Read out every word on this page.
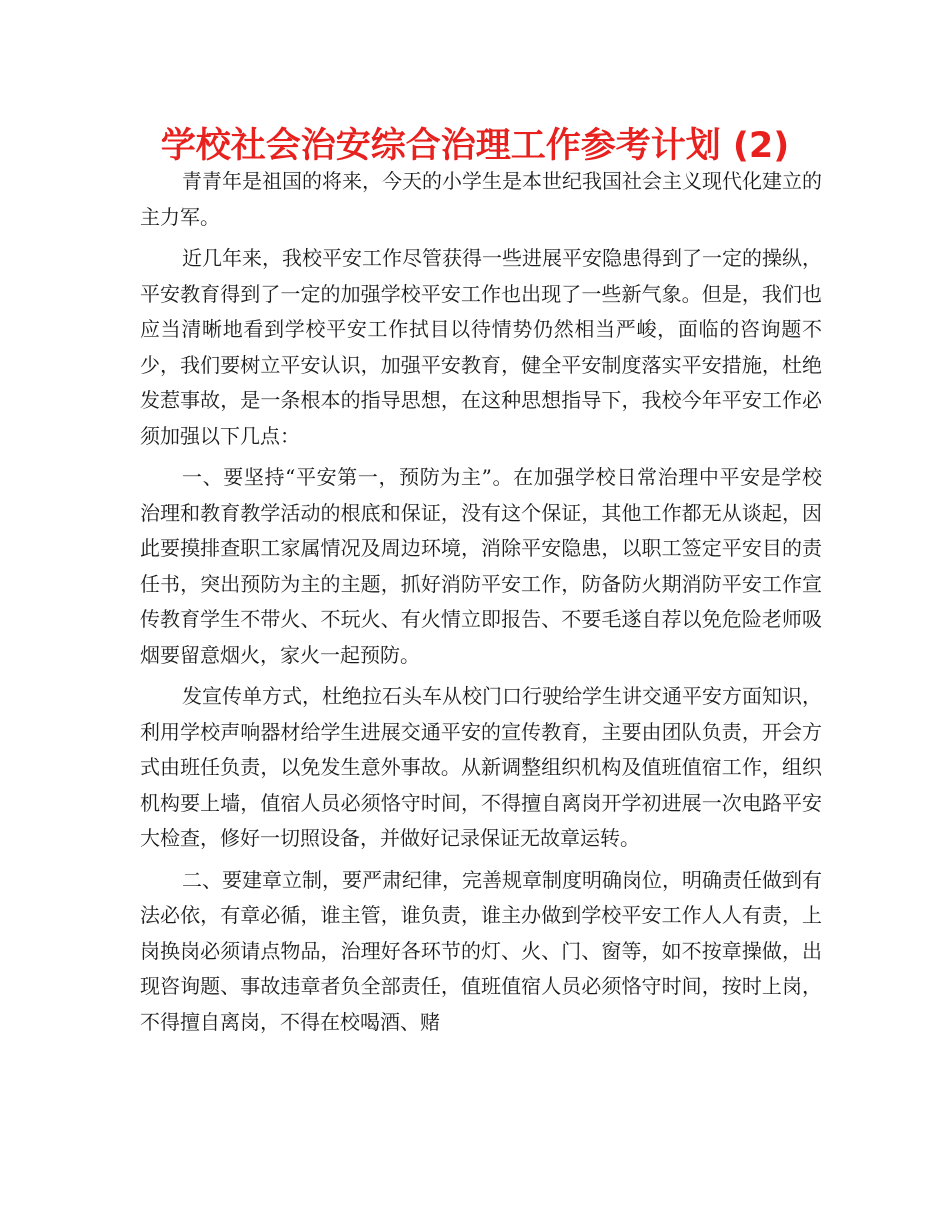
学校社会治安综合治理工作参考计划 (2)

青青年是祖国的将来，今天的小学生是本世纪我国社会主义现代化建立的主力军。

近几年来，我校平安工作尽管获得一些进展平安隐患得到了一定的操纵，平安教育得到了一定的加强学校平安工作也出现了一些新气象。但是，我们也应当清晰地看到学校平安工作拭目以待情势仍然相当严峻，面临的咨询题不少，我们要树立平安认识，加强平安教育，健全平安制度落实平安措施，杜绝发惹事故，是一条根本的指导思想，在这种思想指导下，我校今年平安工作必须加强以下几点：

一、要坚持“平安第一，预防为主”。在加强学校日常治理中平安是学校治理和教育教学活动的根底和保证，没有这个保证，其他工作都无从谈起，因此要摸排查职工家属情况及周边环境，消除平安隐患，以职工签定平安目的责任书，突出预防为主的主题，抓好消防平安工作，防备防火期消防平安工作宣传教育学生不带火、不玩火、有火情立即报告、不要毛遂自荐以免危险老师吸烟要留意烟火，家火一起预防。

发宣传单方式，杜绝拉石头车从校门口行驶给学生讲交通平安方面知识，利用学校声响器材给学生进展交通平安的宣传教育，主要由团队负责，开会方式由班任负责，以免发生意外事故。从新调整组织机构及值班值宿工作，组织机构要上墙，值宿人员必须恪守时间，不得擅自离岗开学初进展一次电路平安大检查，修好一切照设备，并做好记录保证无故章运转。

二、要建章立制，要严肃纪律，完善规章制度明确岗位，明确责任做到有法必依，有章必循，谁主管，谁负责，谁主办做到学校平安工作人人有责，上岗换岗必须请点物品，治理好各环节的灯、火、门、窗等，如不按章操做，出现咨询题、事故违章者负全部责任，值班值宿人员必须恪守时间，按时上岗，不得擅自离岗，不得在校喝酒、赌
